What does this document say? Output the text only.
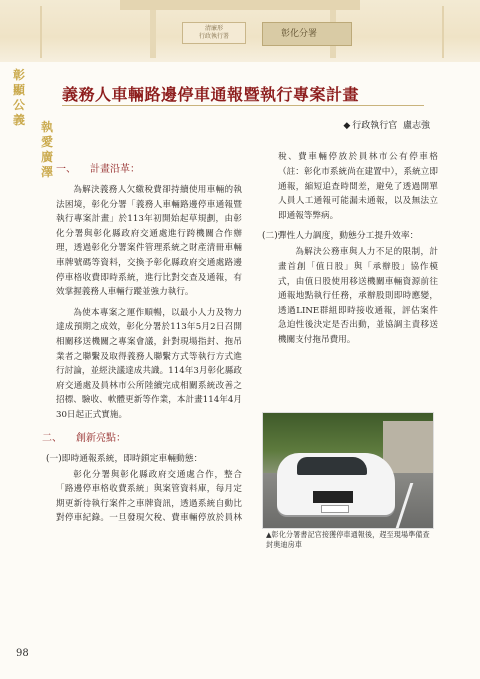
清廉形
行政執行署	彰化分署
彰顯公義 執愛廣澤
義務人車輛路邊停車通報暨執行專案計畫
◆ 行政執行官 盧志強
一、 計畫沿革：

為解決義務人欠繳稅費卻持續使用車輛的執法困境，彰化分署「義務人車輛路邊停車通報暨執行專案計畫」於113年初開始起草規劃，由彰化分署與彰化縣政府交通處進行跨機關合作辦理，透過彰化分署案件管理系統之財產清冊車輛車牌號碼等資料，交換予彰化縣政府交通處路邊停車格收費即時系統，進行比對交查及通報，有效掌握義務人車輛行蹤並強力執行。

為使本專案之運作順暢，以最小人力及物力達成預期之成效，彰化分署於113年5月2日召開相關移送機關之專案會議，針對現場指封、拖吊業者之聯繫及取得義務人聯繫方式等執行方式進行討論，並經決議達成共識。114年3月彰化縣政府交通處及員林市公所陸續完成相關系統改善之招標、驗收、軟體更新等作業，本計畫114年4月30日起正式實施。

二、 創新亮點：
(一)即時通報系統，即時鎖定車輛動態：

彰化分署與彰化縣政府交通處合作，整合「路邊停車格收費系統」與案管資料庫，每月定期更新待執行案件之車牌資訊，透過系統自動比對停車紀錄。一旦發現欠稅、費車輛停放於員林

稅、費車輛停放於員林市公有停車格（註：彰化市系統尚在建置中），系統立即通報，縮短追查時間差，避免了透過開單人員人工通報可能漏未通報，以及無法立即通報等弊病。

(二)彈性人力調度，動態分工提升效率：

為解決公務車與人力不足的限制，計畫首創「值日股」與「承辦股」協作模式，由值日股使用移送機關車輛資源前往通報地點執行任務，承辦股則即時應變，透過LINE群組即時接收通報，評估案件急迫性後決定是否出動，並協調主責移送機關支付拖吊費用。

▲彰化分署書記官接獲停車通報後，趕至現場準備查封奧迪房車
98
